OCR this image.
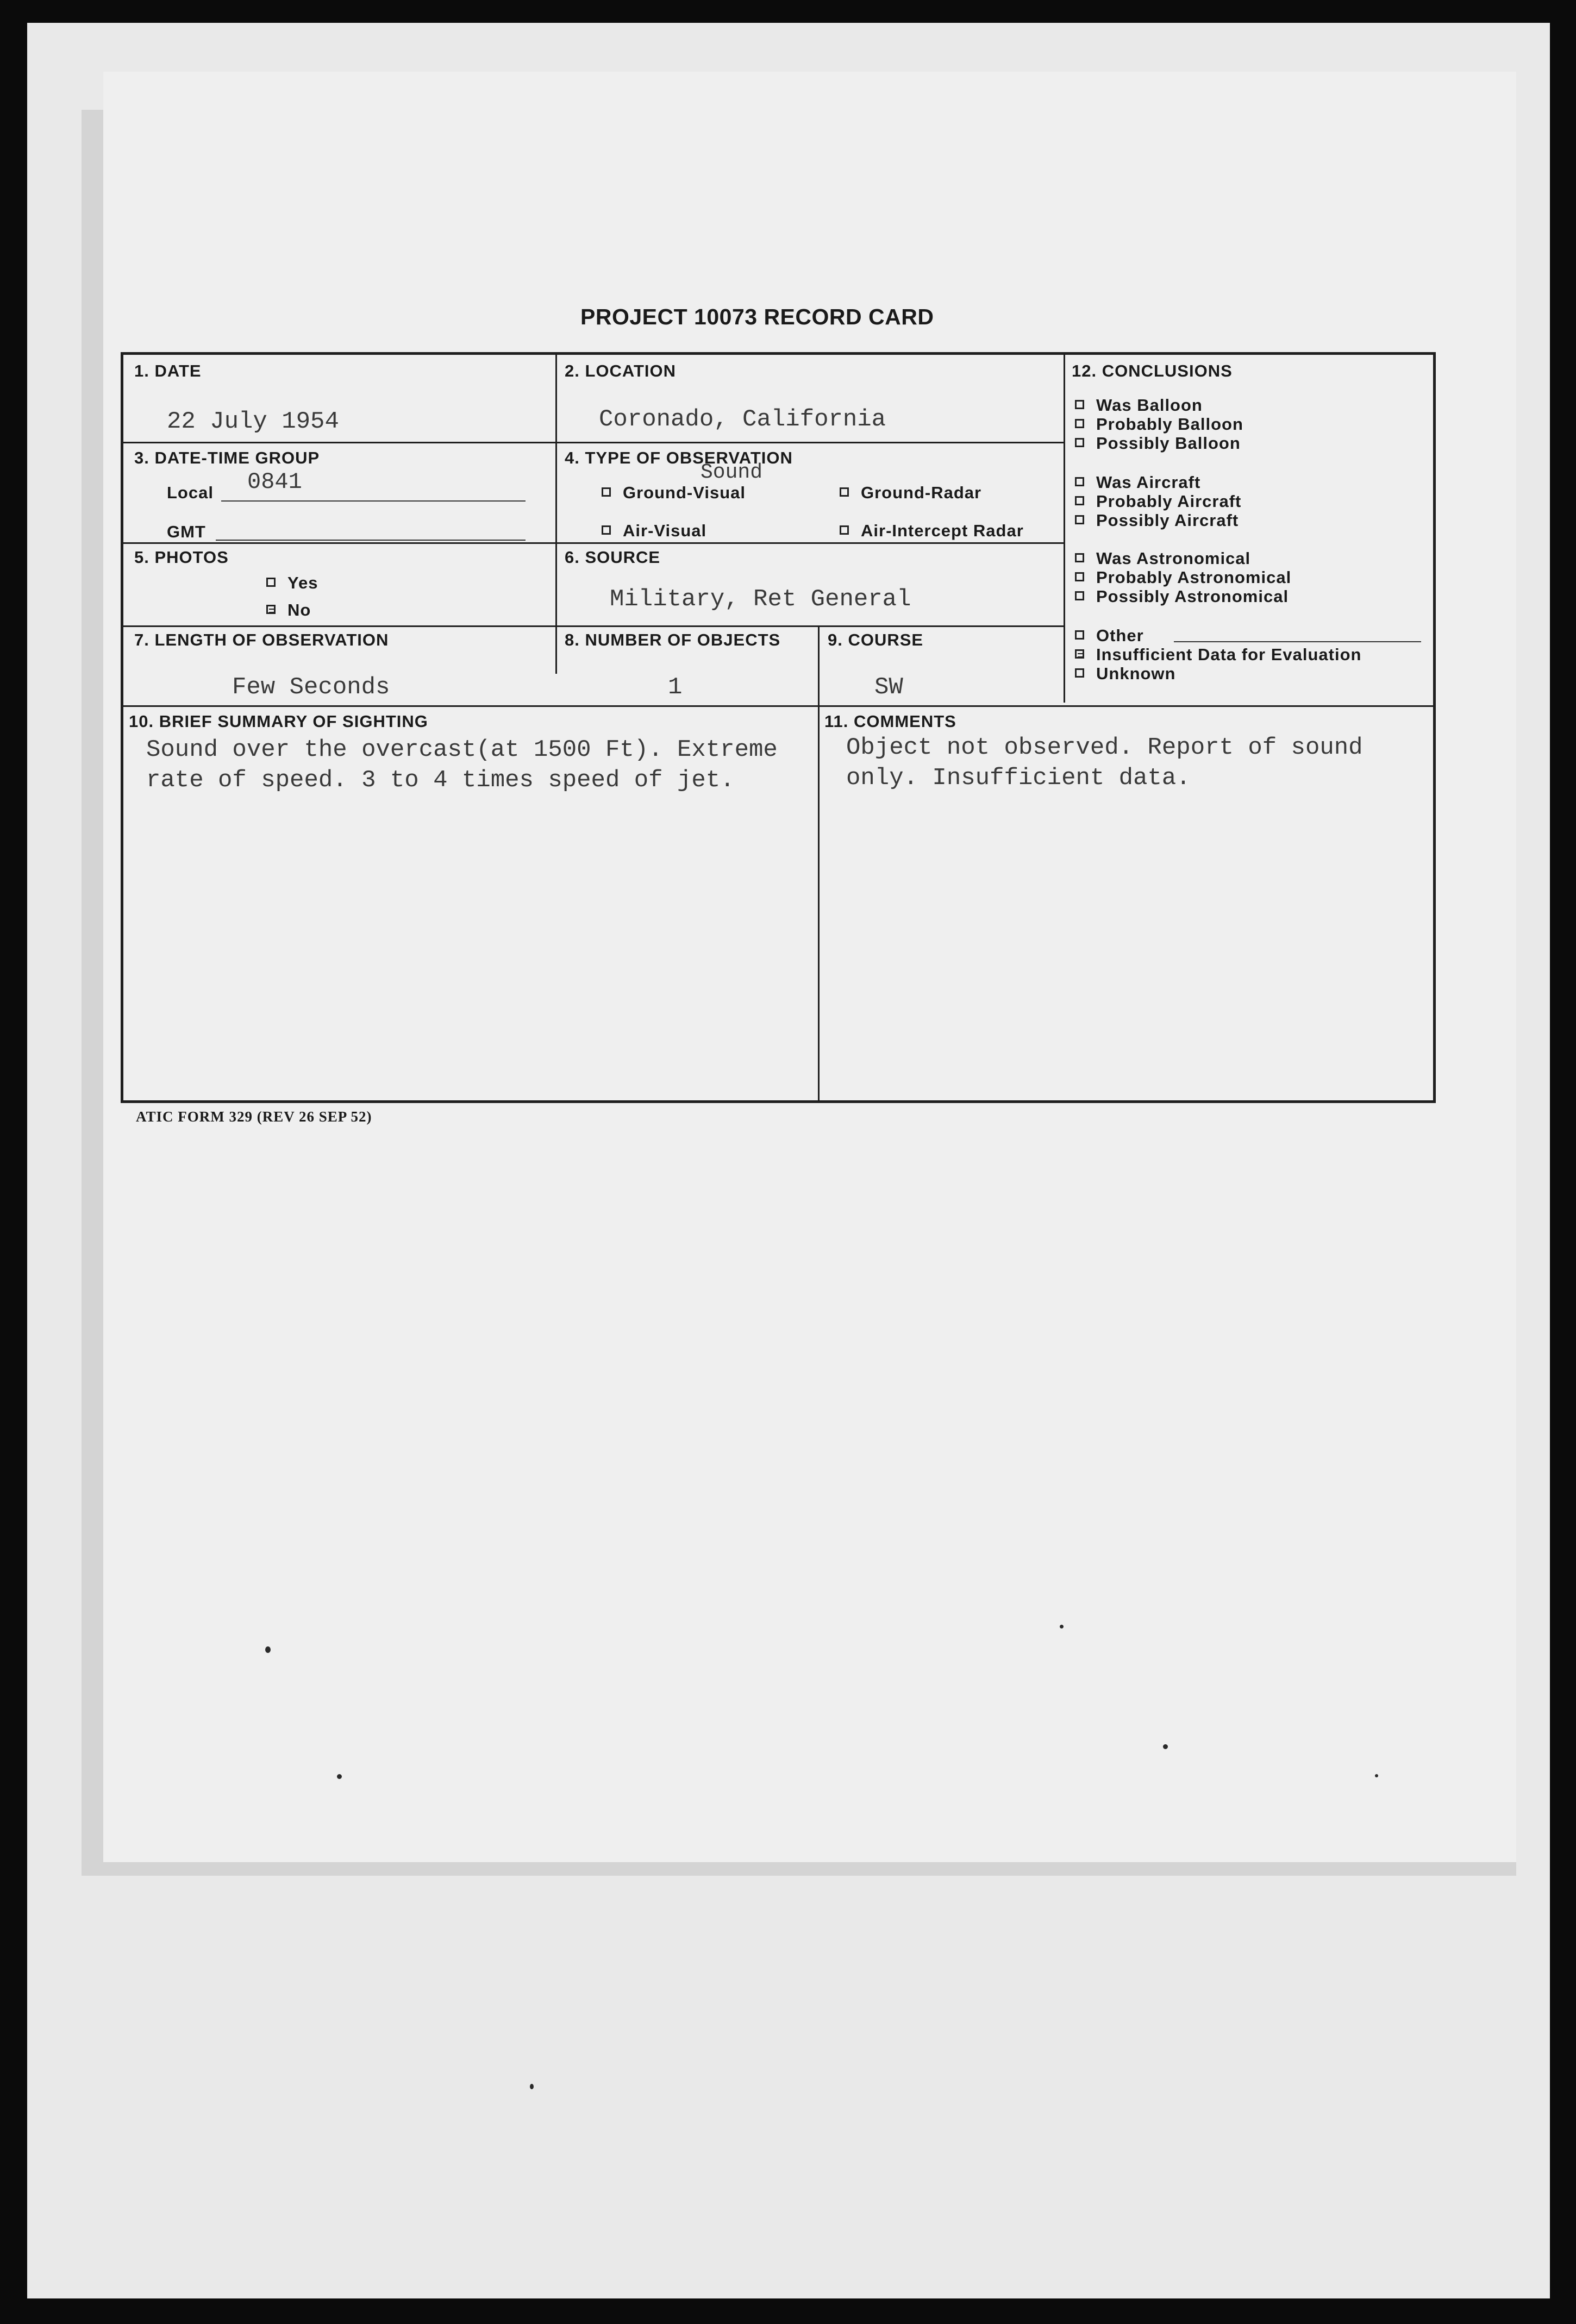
PROJECT 10073 RECORD CARD
1. DATE
22 July 1954
2. LOCATION
Coronado, California
3. DATE-TIME GROUP
Local 0841
GMT
4. TYPE OF OBSERVATION
Sound
Ground-Visual	Ground-Radar
Air-Visual	Air-Intercept Radar
5. PHOTOS
Yes
No
6. SOURCE
Military, Ret General
7. LENGTH OF OBSERVATION
Few Seconds
8. NUMBER OF OBJECTS
1
9. COURSE
SW
10. BRIEF SUMMARY OF SIGHTING
Sound over the overcast(at 1500 Ft). Extreme
rate of speed. 3 to 4 times speed of jet.
11. COMMENTS
Object not observed. Report of sound
only. Insufficient data.
12. CONCLUSIONS
Was Balloon
Probably Balloon
Possibly Balloon
Was Aircraft
Probably Aircraft
Possibly Aircraft
Was Astronomical
Probably Astronomical
Possibly Astronomical
Other
Insufficient Data for Evaluation
Unknown
ATIC FORM 329 (REV 26 SEP 52)
